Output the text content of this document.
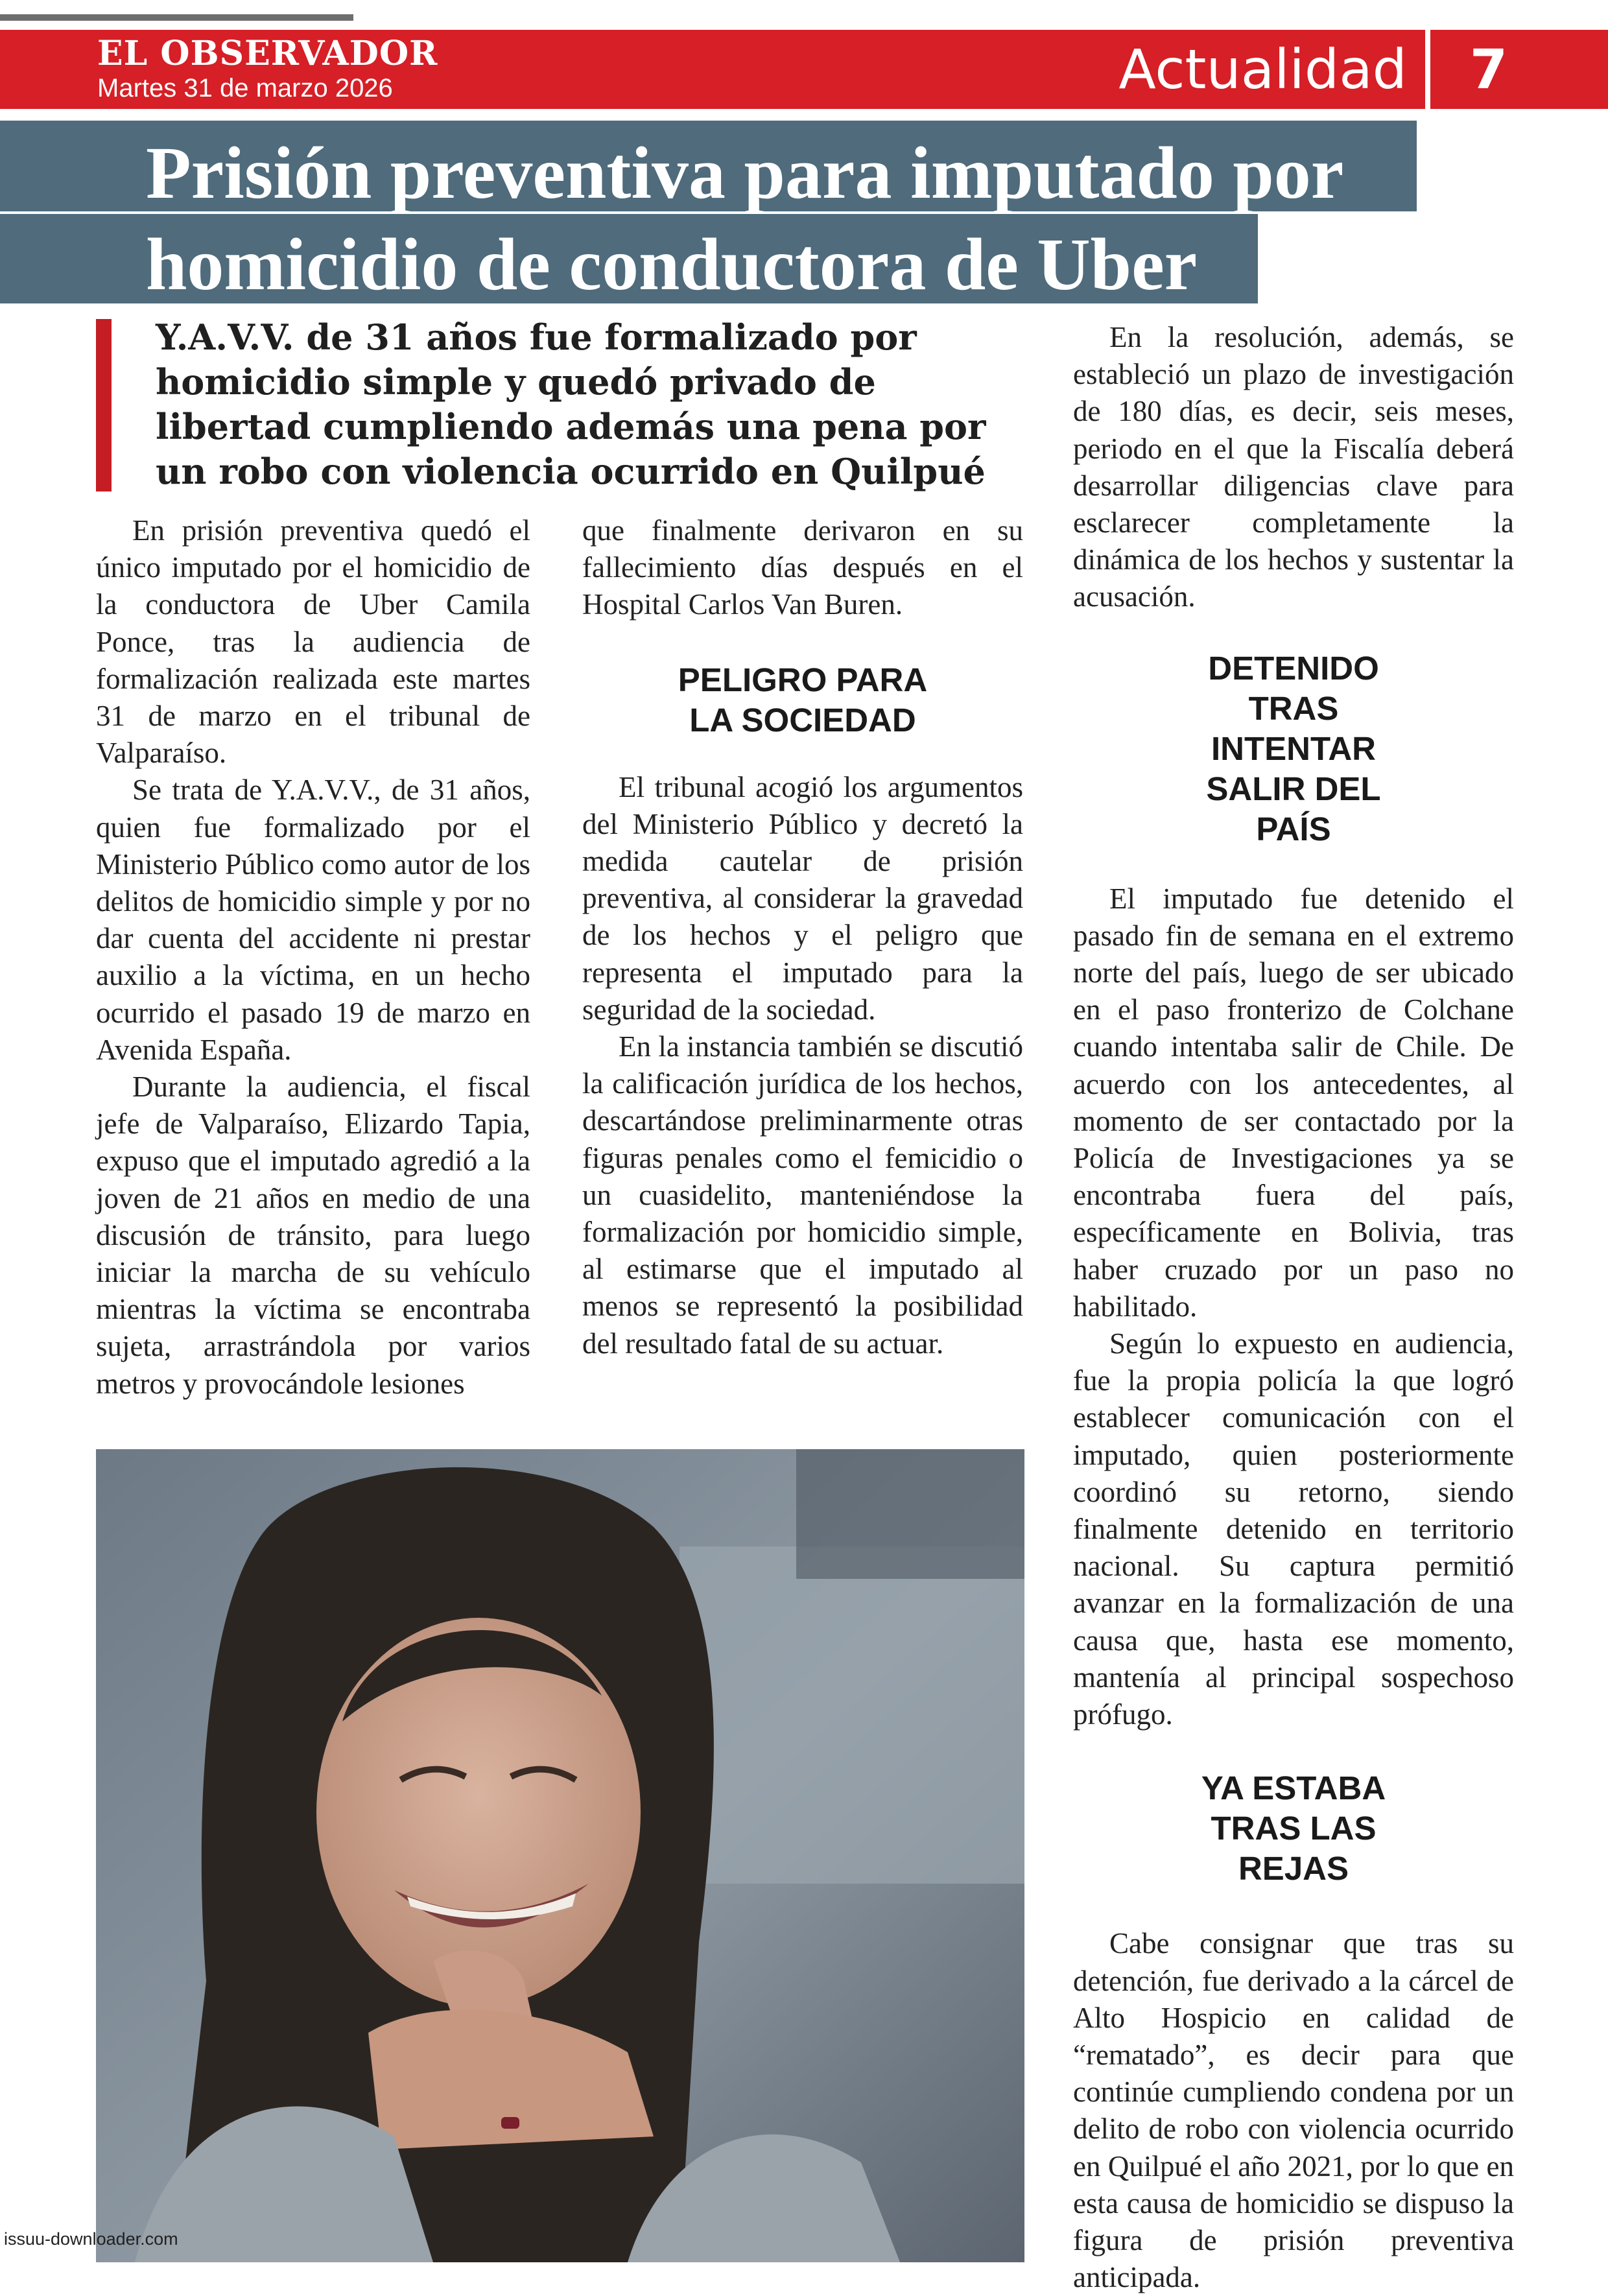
EL OBSERVADOR
Martes 31 de marzo 2026	Actualidad	7
Prisión preventiva para imputado por homicidio de conductora de Uber

Y.A.V.V. de 31 años fue formalizado por homicidio simple y quedó privado de libertad cumpliendo además una pena por un robo con violencia ocurrido en Quilpué

En prisión preventiva quedó el único imputado por el homicidio de la conductora de Uber Camila Ponce, tras la audiencia de formalización realizada este martes 31 de marzo en el tribunal de Valparaíso.

Se trata de Y.A.V.V., de 31 años, quien fue formalizado por el Ministerio Público como autor de los delitos de homicidio simple y por no dar cuenta del accidente ni prestar auxilio a la víctima, en un hecho ocurrido el pasado 19 de marzo en Avenida España.

Durante la audiencia, el fiscal jefe de Valparaíso, Elizardo Tapia, expuso que el imputado agredió a la joven de 21 años en medio de una discusión de tránsito, para luego iniciar la marcha de su vehículo mientras la víctima se encontraba sujeta, arrastrándola por varios metros y provocándole lesiones

que finalmente derivaron en su fallecimiento días después en el Hospital Carlos Van Buren.

PELIGRO PARA LA SOCIEDAD

El tribunal acogió los argumentos del Ministerio Público y decretó la medida cautelar de prisión preventiva, al considerar la gravedad de los hechos y el peligro que representa el imputado para la seguridad de la sociedad.

En la instancia también se discutió la calificación jurídica de los hechos, descartándose preliminarmente otras figuras penales como el femicidio o un cuasidelito, manteniéndose la formalización por homicidio simple, al estimarse que el imputado al menos se representó la posibilidad del resultado fatal de su actuar.

En la resolución, además, se estableció un plazo de investigación de 180 días, es decir, seis meses, periodo en el que la Fiscalía deberá desarrollar diligencias clave para esclarecer completamente la dinámica de los hechos y sustentar la acusación.

DETENIDO TRAS INTENTAR SALIR DEL PAÍS

El imputado fue detenido el pasado fin de semana en el extremo norte del país, luego de ser ubicado en el paso fronterizo de Colchane cuando intentaba salir de Chile. De acuerdo con los antecedentes, al momento de ser contactado por la Policía de Investigaciones ya se encontraba fuera del país, específicamente en Bolivia, tras haber cruzado por un paso no habilitado.

Según lo expuesto en audiencia, fue la propia policía la que logró establecer comunicación con el imputado, quien posteriormente coordinó su retorno, siendo finalmente detenido en territorio nacional. Su captura permitió avanzar en la formalización de una causa que, hasta ese momento, mantenía al principal sospechoso prófugo.

YA ESTABA TRAS LAS REJAS

Cabe consignar que tras su detención, fue derivado a la cárcel de Alto Hospicio en calidad de “rematado”, es decir para que continúe cumpliendo condena por un delito de robo con violencia ocurrido en Quilpué el año 2021, por lo que en esta causa de homicidio se dispuso la figura de prisión preventiva anticipada.

issuu-downloader.com
